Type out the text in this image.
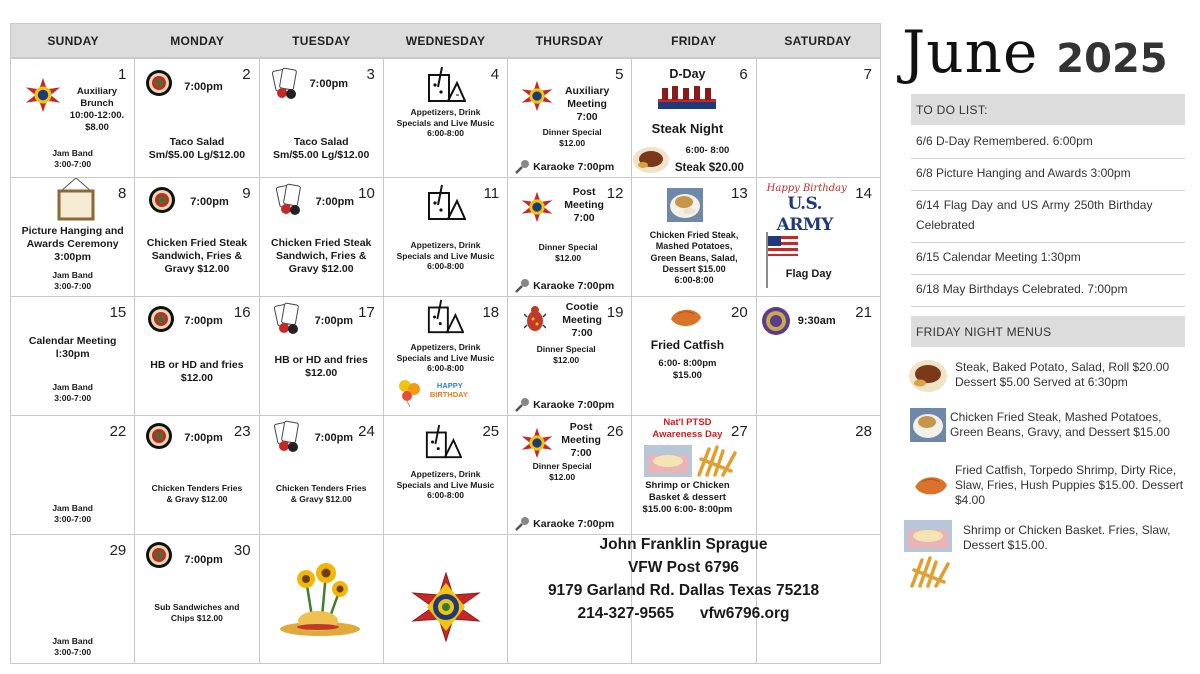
SUNDAY	MONDAY	TUESDAY	WEDNESDAY	THURSDAY	FRIDAY	SATURDAY
1
Auxiliary
Brunch
10:00-12:00.
$8.00
Jam Band
3:00-7:00
2
7:00pm
Taco Salad
Sm/$5.00 Lg/$12.00
3
7:00pm
Taco Salad
Sm/$5.00 Lg/$12.00
4
Appetizers, Drink
Specials and Live Music
6:00-8:00
5
Auxiliary
Meeting
7:00
Dinner Special
$12.00
Karaoke 7:00pm
6
D-Day
Steak Night
6:00- 8:00
Steak $20.00
7
8
Picture Hanging and
Awards Ceremony
3:00pm
Jam Band
3:00-7:00
9
7:00pm
Chicken Fried Steak
Sandwich, Fries &
Gravy $12.00
10
7:00pm
Chicken Fried Steak
Sandwich, Fries &
Gravy $12.00
11
Appetizers, Drink
Specials and Live Music
6:00-8:00
12
Post
Meeting
7:00
Dinner Special
$12.00
Karaoke 7:00pm
13
Chicken Fried Steak,
Mashed Potatoes,
Green Beans, Salad,
Dessert $15.00
6:00-8:00
14
Happy Birthday
U.S. ARMY
Flag Day
15
Calendar Meeting
l:30pm
Jam Band
3:00-7:00
16
7:00pm
HB or HD and fries
$12.00
17
7:00pm
HB or HD and fries
$12.00
18
Appetizers, Drink
Specials and Live Music
6:00-8:00
HAPPY
BIRTHDAY
19
Cootie
Meeting
7:00
Dinner Special
$12.00
Karaoke 7:00pm
20
Fried Catfish
6:00- 8:00pm
$15.00
21
9:30am
22
Jam Band
3:00-7:00
23
7:00pm
Chicken Tenders Fries
& Gravy $12.00
24
7:00pm
Chicken Tenders Fries
& Gravy $12.00
25
Appetizers, Drink
Specials and Live Music
6:00-8:00
26
Post
Meeting
7:00
Dinner Special
$12.00
Karaoke 7:00pm
27
Nat'l PTSD
Awareness Day
Shrimp or Chicken
Basket & dessert
$15.00 6:00- 8:00pm
28
29
Jam Band
3:00-7:00
30
7:00pm
Sub Sandwiches and
Chips $12.00
John Franklin Sprague
VFW Post 6796
9179 Garland Rd. Dallas Texas 75218
214-327-9565      vfw6796.org
June 2025
TO DO LIST:
6/6 D-Day Remembered. 6:00pm
6/8 Picture Hanging and Awards 3:00pm
6/14 Flag Day and US Army 250th Birthday Celebrated
6/15 Calendar Meeting 1:30pm
6/18 May Birthdays Celebrated. 7:00pm
FRIDAY NIGHT MENUS
Steak, Baked Potato, Salad, Roll $20.00 Dessert $5.00 Served at 6:30pm
Chicken Fried Steak, Mashed Potatoes, Green Beans, Gravy, and Dessert $15.00
Fried Catfish, Torpedo Shrimp, Dirty Rice, Slaw, Fries, Hush Puppies $15.00. Dessert $4.00
Shrimp or Chicken Basket. Fries, Slaw, Dessert $15.00.
